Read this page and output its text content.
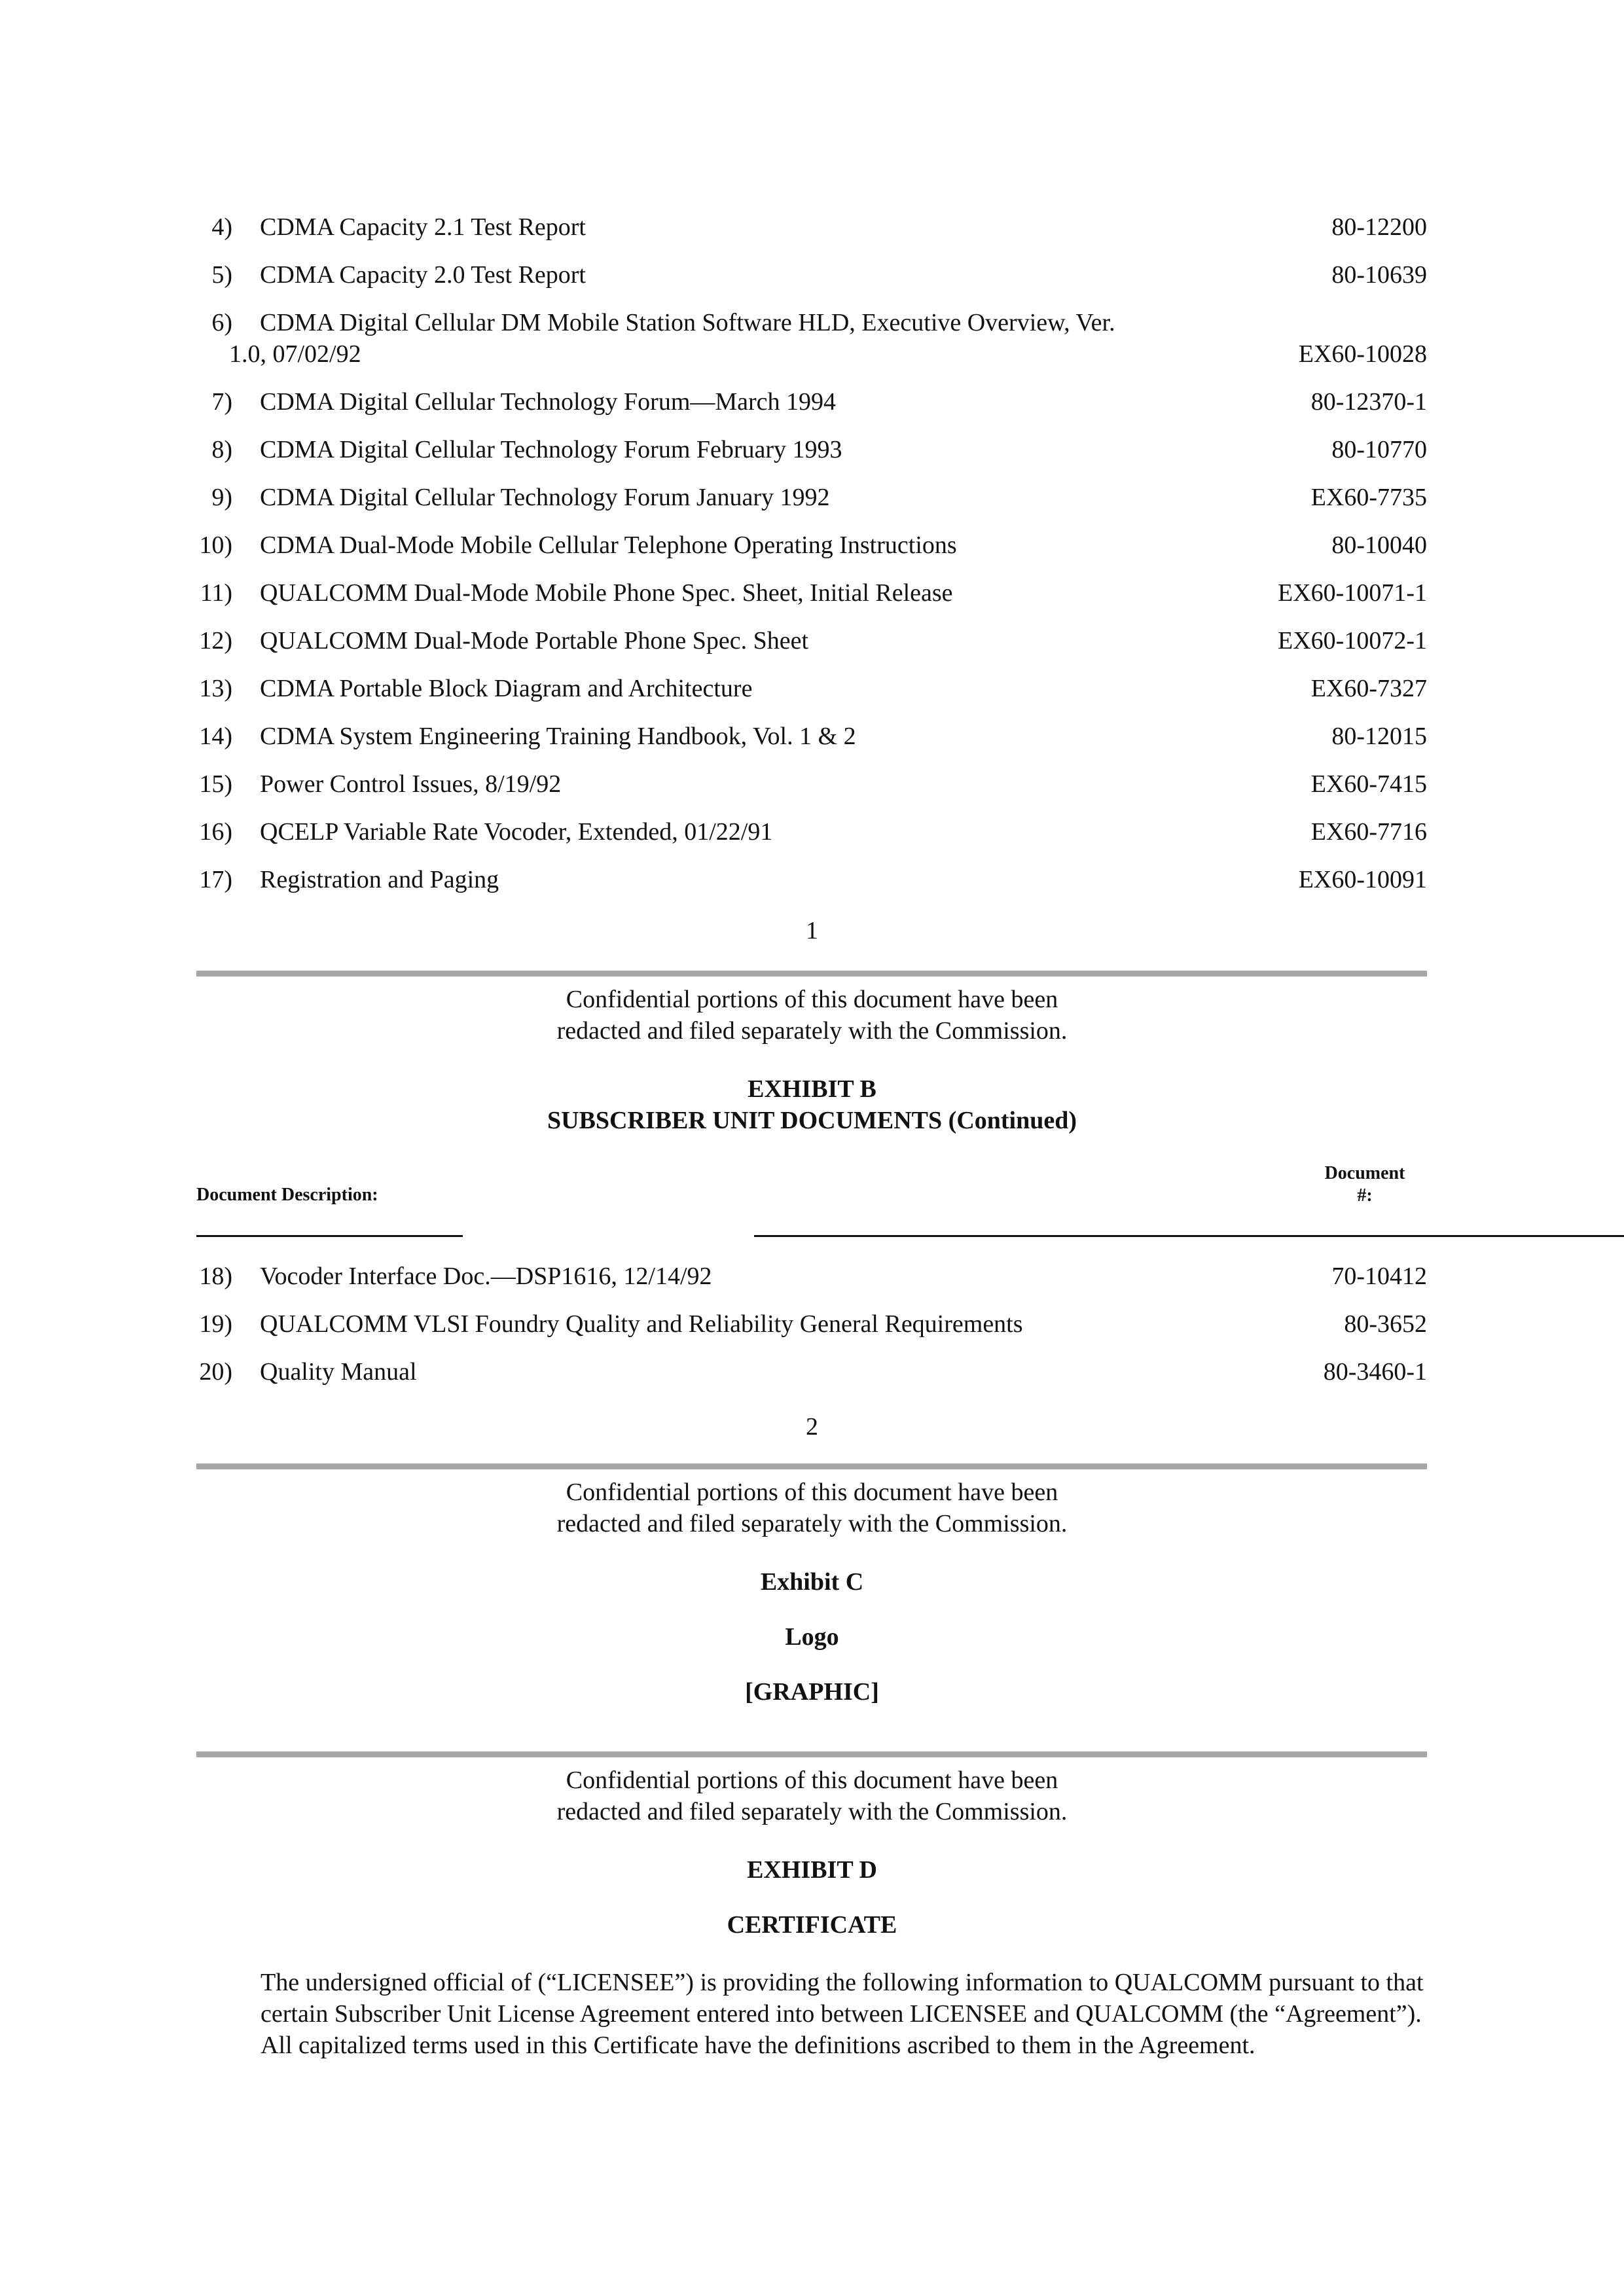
4) CDMA Capacity 2.1 Test Report	80-12200
5) CDMA Capacity 2.0 Test Report	80-10639
6) CDMA Digital Cellular DM Mobile Station Software HLD, Executive Overview, Ver.
1.0, 07/02/92	EX60-10028
7) CDMA Digital Cellular Technology Forum—March 1994	80-12370-1
8) CDMA Digital Cellular Technology Forum February 1993	80-10770
9) CDMA Digital Cellular Technology Forum January 1992	EX60-7735
10) CDMA Dual-Mode Mobile Cellular Telephone Operating Instructions	80-10040
11) QUALCOMM Dual-Mode Mobile Phone Spec. Sheet, Initial Release	EX60-10071-1
12) QUALCOMM Dual-Mode Portable Phone Spec. Sheet	EX60-10072-1
13) CDMA Portable Block Diagram and Architecture	EX60-7327
14) CDMA System Engineering Training Handbook, Vol. 1 & 2	80-12015
15) Power Control Issues, 8/19/92	EX60-7415
16) QCELP Variable Rate Vocoder, Extended, 01/22/91	EX60-7716
17) Registration and Paging	EX60-10091
1
Confidential portions of this document have been
redacted and filed separately with the Commission.
EXHIBIT B
SUBSCRIBER UNIT DOCUMENTS (Continued)
Document Description:
Document
#:
18) Vocoder Interface Doc.—DSP1616, 12/14/92	70-10412
19) QUALCOMM VLSI Foundry Quality and Reliability General Requirements	80-3652
20) Quality Manual	80-3460-1
2
Confidential portions of this document have been
redacted and filed separately with the Commission.
Exhibit C
Logo
[GRAPHIC]
Confidential portions of this document have been
redacted and filed separately with the Commission.
EXHIBIT D
CERTIFICATE
The undersigned official of (“LICENSEE”) is providing the following information to QUALCOMM pursuant to that certain Subscriber Unit License Agreement entered into between LICENSEE and QUALCOMM (the “Agreement”). All capitalized terms used in this Certificate have the definitions ascribed to them in the Agreement.
